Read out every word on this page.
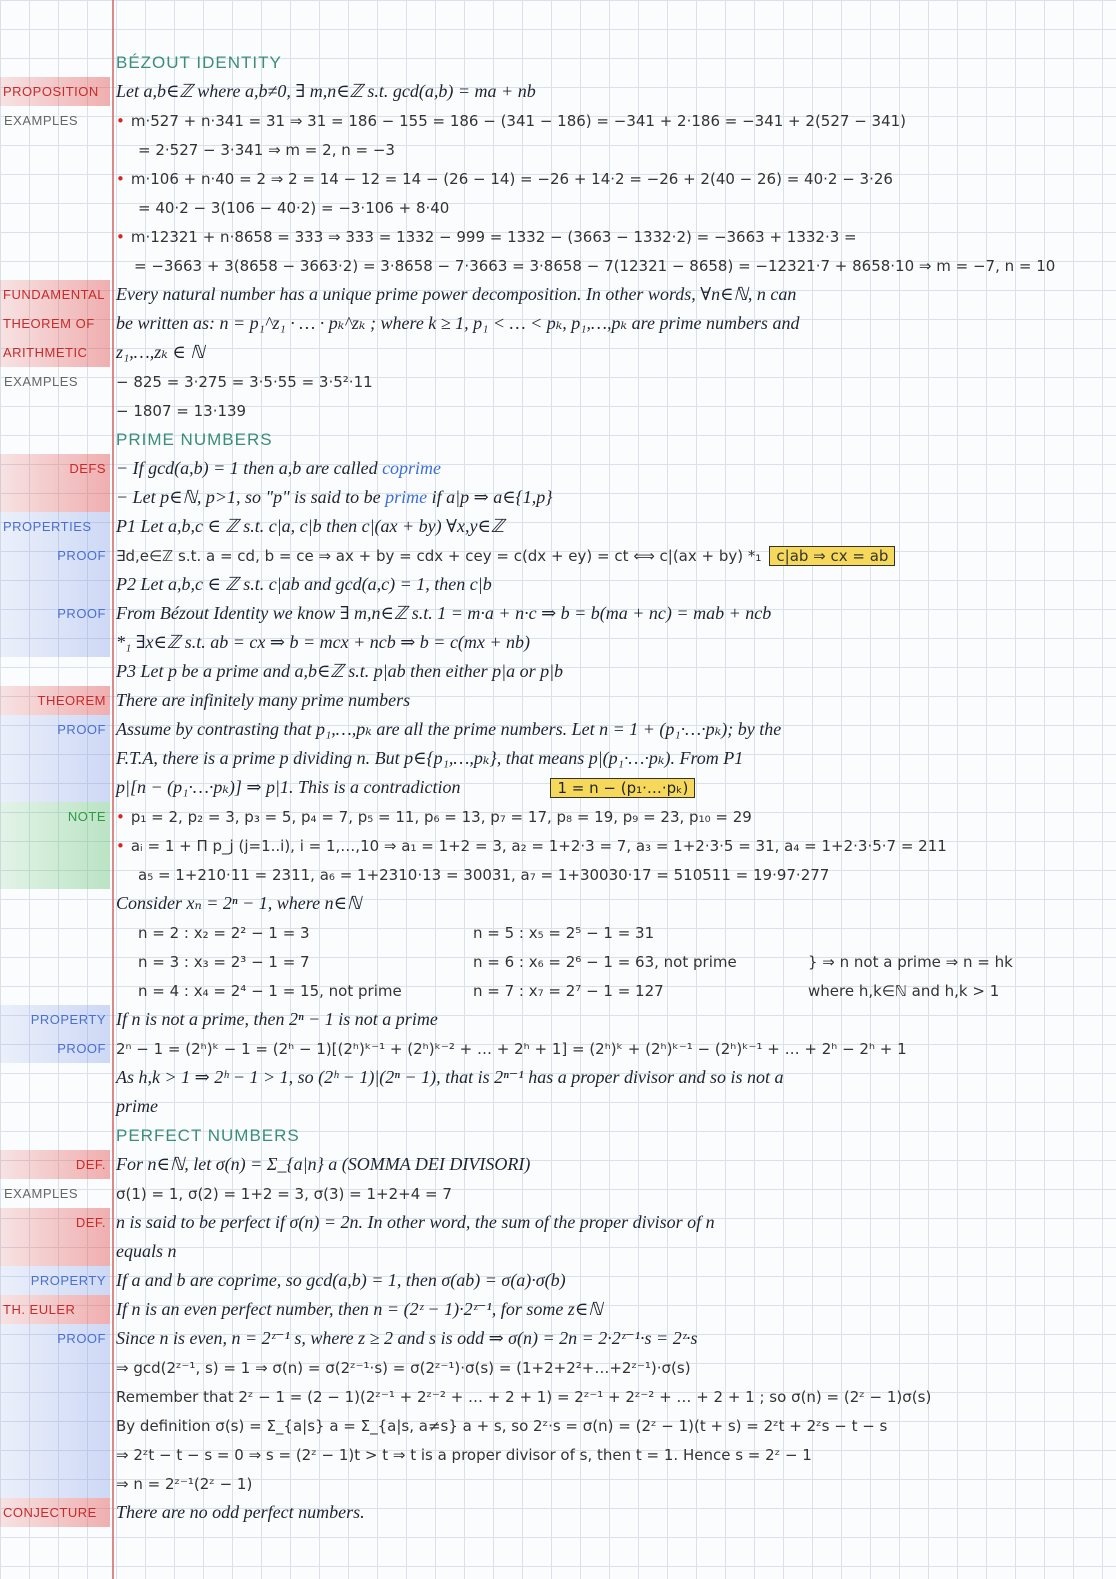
BÉZOUT IDENTITY
PROPOSITION Let a,b∈ℤ where a,b≠0, ∃ m,n∈ℤ s.t. gcd(a,b) = ma + nb
EXAMPLES	• m·527 + n·341 = 31 ⇒ 31 = 186 − 155 = 186 − (341 − 186) = −341 + 2·186 = −341 + 2(527 − 341)
= 2·527 − 3·341 ⇒ m = 2, n = −3
• m·106 + n·40 = 2 ⇒ 2 = 14 − 12 = 14 − (26 − 14) = −26 + 14·2 = −26 + 2(40 − 26) = 40·2 − 3·26
= 40·2 − 3(106 − 40·2) = −3·106 + 8·40
• m·12321 + n·8658 = 333 ⇒ 333 = 1332 − 999 = 1332 − (3663 − 1332·2) = −3663 + 1332·3 =
= −3663 + 3(8658 − 3663·2) = 3·8658 − 7·3663 = 3·8658 − 7(12321 − 8658) = −12321·7 + 8658·10 ⇒ m = −7, n = 10
FUNDAMENTAL Every natural number has a unique prime power decomposition. In other words, ∀n∈ℕ, n can
THEOREM OF	be written as: n = p₁^z₁ · … · pₖ^zₖ ; where k ≥ 1, p₁ < … < pₖ, p₁,…,pₖ are prime numbers and
ARITHMETIC	z₁,…,zₖ ∈ ℕ
EXAMPLES	− 825 = 3·275 = 3·5·55 = 3·5²·11
− 1807 = 13·139
PRIME NUMBERS
DEFS − If gcd(a,b) = 1 then a,b are called coprime
− Let p∈ℕ, p>1, so "p" is said to be prime if a|p ⇒ a∈{1,p}
PROPERTIES	P1 Let a,b,c ∈ ℤ s.t. c|a, c|b then c|(ax + by) ∀x,y∈ℤ
PROOF ∃d,e∈ℤ s.t. a = cd, b = ce ⇒ ax + by = cdx + cey = c(dx + ey) = ct ⟺ c|(ax + by) *₁ c|ab ⇒ cx = ab
P2 Let a,b,c ∈ ℤ s.t. c|ab and gcd(a,c) = 1, then c|b
PROOF From Bézout Identity we know ∃ m,n∈ℤ s.t. 1 = m·a + n·c ⇒ b = b(ma + nc) = mab + ncb
*₁ ∃x∈ℤ s.t. ab = cx ⇒ b = mcx + ncb ⇒ b = c(mx + nb)
P3 Let p be a prime and a,b∈ℤ s.t. p|ab then either p|a or p|b
THEOREM There are infinitely many prime numbers
PROOF Assume by contrasting that p₁,…,pₖ are all the prime numbers. Let n = 1 + (p₁·…·pₖ); by the
F.T.A, there is a prime p dividing n. But p∈{p₁,…,pₖ}, that means p|(p₁·…·pₖ). From P1
p|[n − (p₁·…·pₖ)] ⇒ p|1. This is a contradiction	1 = n − (p₁·…·pₖ)
NOTE • p₁ = 2, p₂ = 3, p₃ = 5, p₄ = 7, p₅ = 11, p₆ = 13, p₇ = 17, p₈ = 19, p₉ = 23, p₁₀ = 29
• aᵢ = 1 + Π p_j (j=1..i), i = 1,…,10 ⇒ a₁ = 1+2 = 3, a₂ = 1+2·3 = 7, a₃ = 1+2·3·5 = 31, a₄ = 1+2·3·5·7 = 211
a₅ = 1+210·11 = 2311, a₆ = 1+2310·13 = 30031, a₇ = 1+30030·17 = 510511 = 19·97·277
Consider xₙ = 2ⁿ − 1, where n∈ℕ
n = 2 : x₂ = 2² − 1 = 3	n = 5 : x₅ = 2⁵ − 1 = 31
n = 3 : x₃ = 2³ − 1 = 7	n = 6 : x₆ = 2⁶ − 1 = 63, not prime	} ⇒ n not a prime ⇒ n = hk
n = 4 : x₄ = 2⁴ − 1 = 15, not prime	n = 7 : x₇ = 2⁷ − 1 = 127	where h,k∈ℕ and h,k > 1
PROPERTY If n is not a prime, then 2ⁿ − 1 is not a prime
PROOF 2ⁿ − 1 = (2ʰ)ᵏ − 1 = (2ʰ − 1)[(2ʰ)ᵏ⁻¹ + (2ʰ)ᵏ⁻² + … + 2ʰ + 1] = (2ʰ)ᵏ + (2ʰ)ᵏ⁻¹ − (2ʰ)ᵏ⁻¹ + … + 2ʰ − 2ʰ + 1
As h,k > 1 ⇒ 2ʰ − 1 > 1, so (2ʰ − 1)|(2ⁿ − 1), that is 2ⁿ⁻¹ has a proper divisor and so is not a
prime
PERFECT NUMBERS
DEF. For n∈ℕ, let σ(n) = Σ_{a|n} a (SOMMA DEI DIVISORI)
EXAMPLES	σ(1) = 1, σ(2) = 1+2 = 3, σ(3) = 1+2+4 = 7
DEF. n is said to be perfect if σ(n) = 2n. In other word, the sum of the proper divisor of n
equals n
PROPERTY If a and b are coprime, so gcd(a,b) = 1, then σ(ab) = σ(a)·σ(b)
TH. EULER	If n is an even perfect number, then n = (2ᶻ − 1)·2ᶻ⁻¹, for some z∈ℕ
PROOF Since n is even, n = 2ᶻ⁻¹ s, where z ≥ 2 and s is odd ⇒ σ(n) = 2n = 2·2ᶻ⁻¹·s = 2ᶻ·s
⇒ gcd(2ᶻ⁻¹, s) = 1 ⇒ σ(n) = σ(2ᶻ⁻¹·s) = σ(2ᶻ⁻¹)·σ(s) = (1+2+2²+…+2ᶻ⁻¹)·σ(s)
Remember that 2ᶻ − 1 = (2 − 1)(2ᶻ⁻¹ + 2ᶻ⁻² + … + 2 + 1) = 2ᶻ⁻¹ + 2ᶻ⁻² + … + 2 + 1 ; so σ(n) = (2ᶻ − 1)σ(s)
By definition σ(s) = Σ_{a|s} a = Σ_{a|s, a≠s} a + s, so 2ᶻ·s = σ(n) = (2ᶻ − 1)(t + s) = 2ᶻt + 2ᶻs − t − s
⇒ 2ᶻt − t − s = 0 ⇒ s = (2ᶻ − 1)t > t ⇒ t is a proper divisor of s, then t = 1. Hence s = 2ᶻ − 1
⇒ n = 2ᶻ⁻¹(2ᶻ − 1)
CONJECTURE	There are no odd perfect numbers.
